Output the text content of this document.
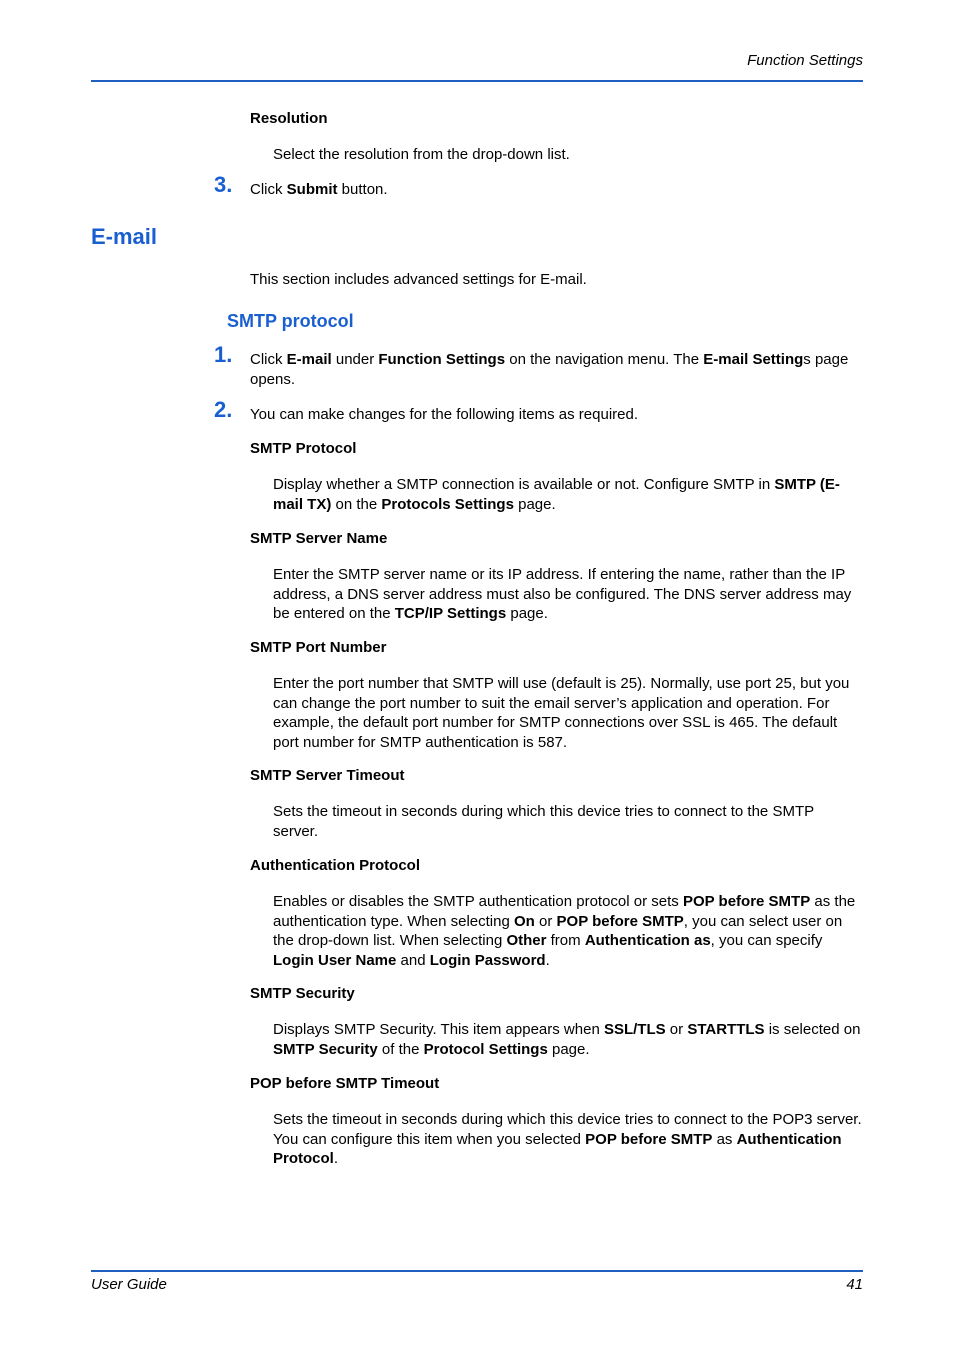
Function Settings
Resolution
Select the resolution from the drop-down list.
3. Click Submit button.
E-mail
This section includes advanced settings for E-mail.
SMTP protocol
1. Click E-mail under Function Settings on the navigation menu. The E-mail Settings page opens.
2. You can make changes for the following items as required.
SMTP Protocol
Display whether a SMTP connection is available or not. Configure SMTP in SMTP (E-mail TX) on the Protocols Settings page.
SMTP Server Name
Enter the SMTP server name or its IP address. If entering the name, rather than the IP address, a DNS server address must also be configured. The DNS server address may be entered on the TCP/IP Settings page.
SMTP Port Number
Enter the port number that SMTP will use (default is 25). Normally, use port 25, but you can change the port number to suit the email server’s application and operation. For example, the default port number for SMTP connections over SSL is 465. The default port number for SMTP authentication is 587.
SMTP Server Timeout
Sets the timeout in seconds during which this device tries to connect to the SMTP server.
Authentication Protocol
Enables or disables the SMTP authentication protocol or sets POP before SMTP as the authentication type. When selecting On or POP before SMTP, you can select user on the drop-down list. When selecting Other from Authentication as, you can specify Login User Name and Login Password.
SMTP Security
Displays SMTP Security. This item appears when SSL/TLS or STARTTLS is selected on SMTP Security of the Protocol Settings page.
POP before SMTP Timeout
Sets the timeout in seconds during which this device tries to connect to the POP3 server. You can configure this item when you selected POP before SMTP as Authentication Protocol.
User Guide	41
